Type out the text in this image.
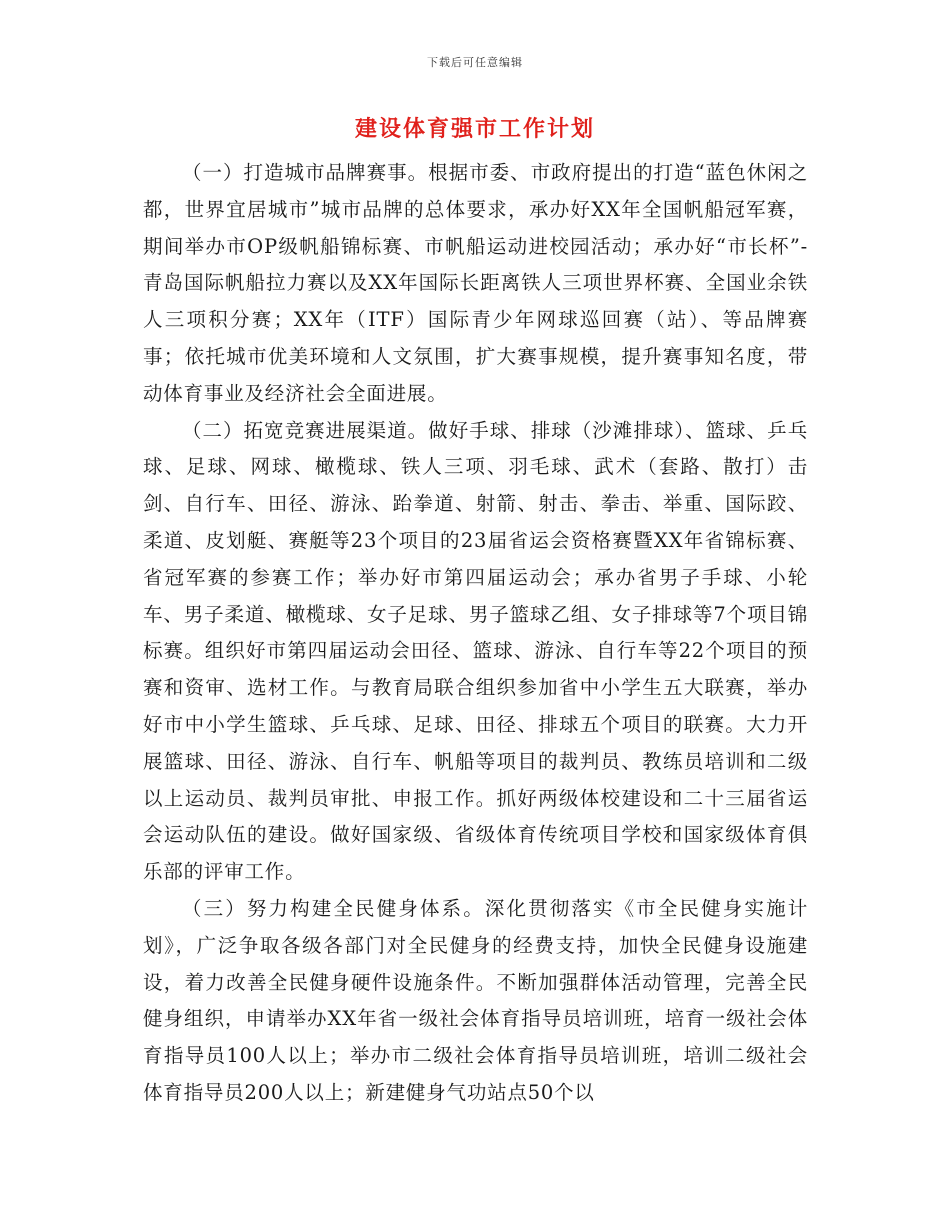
下载后可任意编辑
建设体育强市工作计划

（一）打造城市品牌赛事。根据市委、市政府提出的打造“蓝色休闲之都，世界宜居城市”城市品牌的总体要求，承办好XX年全国帆船冠军赛，期间举办市OP级帆船锦标赛、市帆船运动进校园活动；承办好“市长杯”-青岛国际帆船拉力赛以及XX年国际长距离铁人三项世界杯赛、全国业余铁人三项积分赛；XX年（ITF）国际青少年网球巡回赛（站）、等品牌赛事；依托城市优美环境和人文氛围，扩大赛事规模，提升赛事知名度，带动体育事业及经济社会全面进展。

（二）拓宽竞赛进展渠道。做好手球、排球（沙滩排球）、篮球、乒乓球、足球、网球、橄榄球、铁人三项、羽毛球、武术（套路、散打）击剑、自行车、田径、游泳、跆拳道、射箭、射击、拳击、举重、国际跤、柔道、皮划艇、赛艇等23个项目的23届省运会资格赛暨XX年省锦标赛、省冠军赛的参赛工作；举办好市第四届运动会；承办省男子手球、小轮车、男子柔道、橄榄球、女子足球、男子篮球乙组、女子排球等7个项目锦标赛。组织好市第四届运动会田径、篮球、游泳、自行车等22个项目的预赛和资审、选材工作。与教育局联合组织参加省中小学生五大联赛，举办好市中小学生篮球、乒乓球、足球、田径、排球五个项目的联赛。大力开展篮球、田径、游泳、自行车、帆船等项目的裁判员、教练员培训和二级以上运动员、裁判员审批、申报工作。抓好两级体校建设和二十三届省运会运动队伍的建设。做好国家级、省级体育传统项目学校和国家级体育俱乐部的评审工作。

（三）努力构建全民健身体系。深化贯彻落实《市全民健身实施计划》，广泛争取各级各部门对全民健身的经费支持，加快全民健身设施建设，着力改善全民健身硬件设施条件。不断加强群体活动管理，完善全民健身组织，申请举办XX年省一级社会体育指导员培训班，培育一级社会体育指导员100人以上；举办市二级社会体育指导员培训班，培训二级社会体育指导员200人以上；新建健身气功站点50个以
